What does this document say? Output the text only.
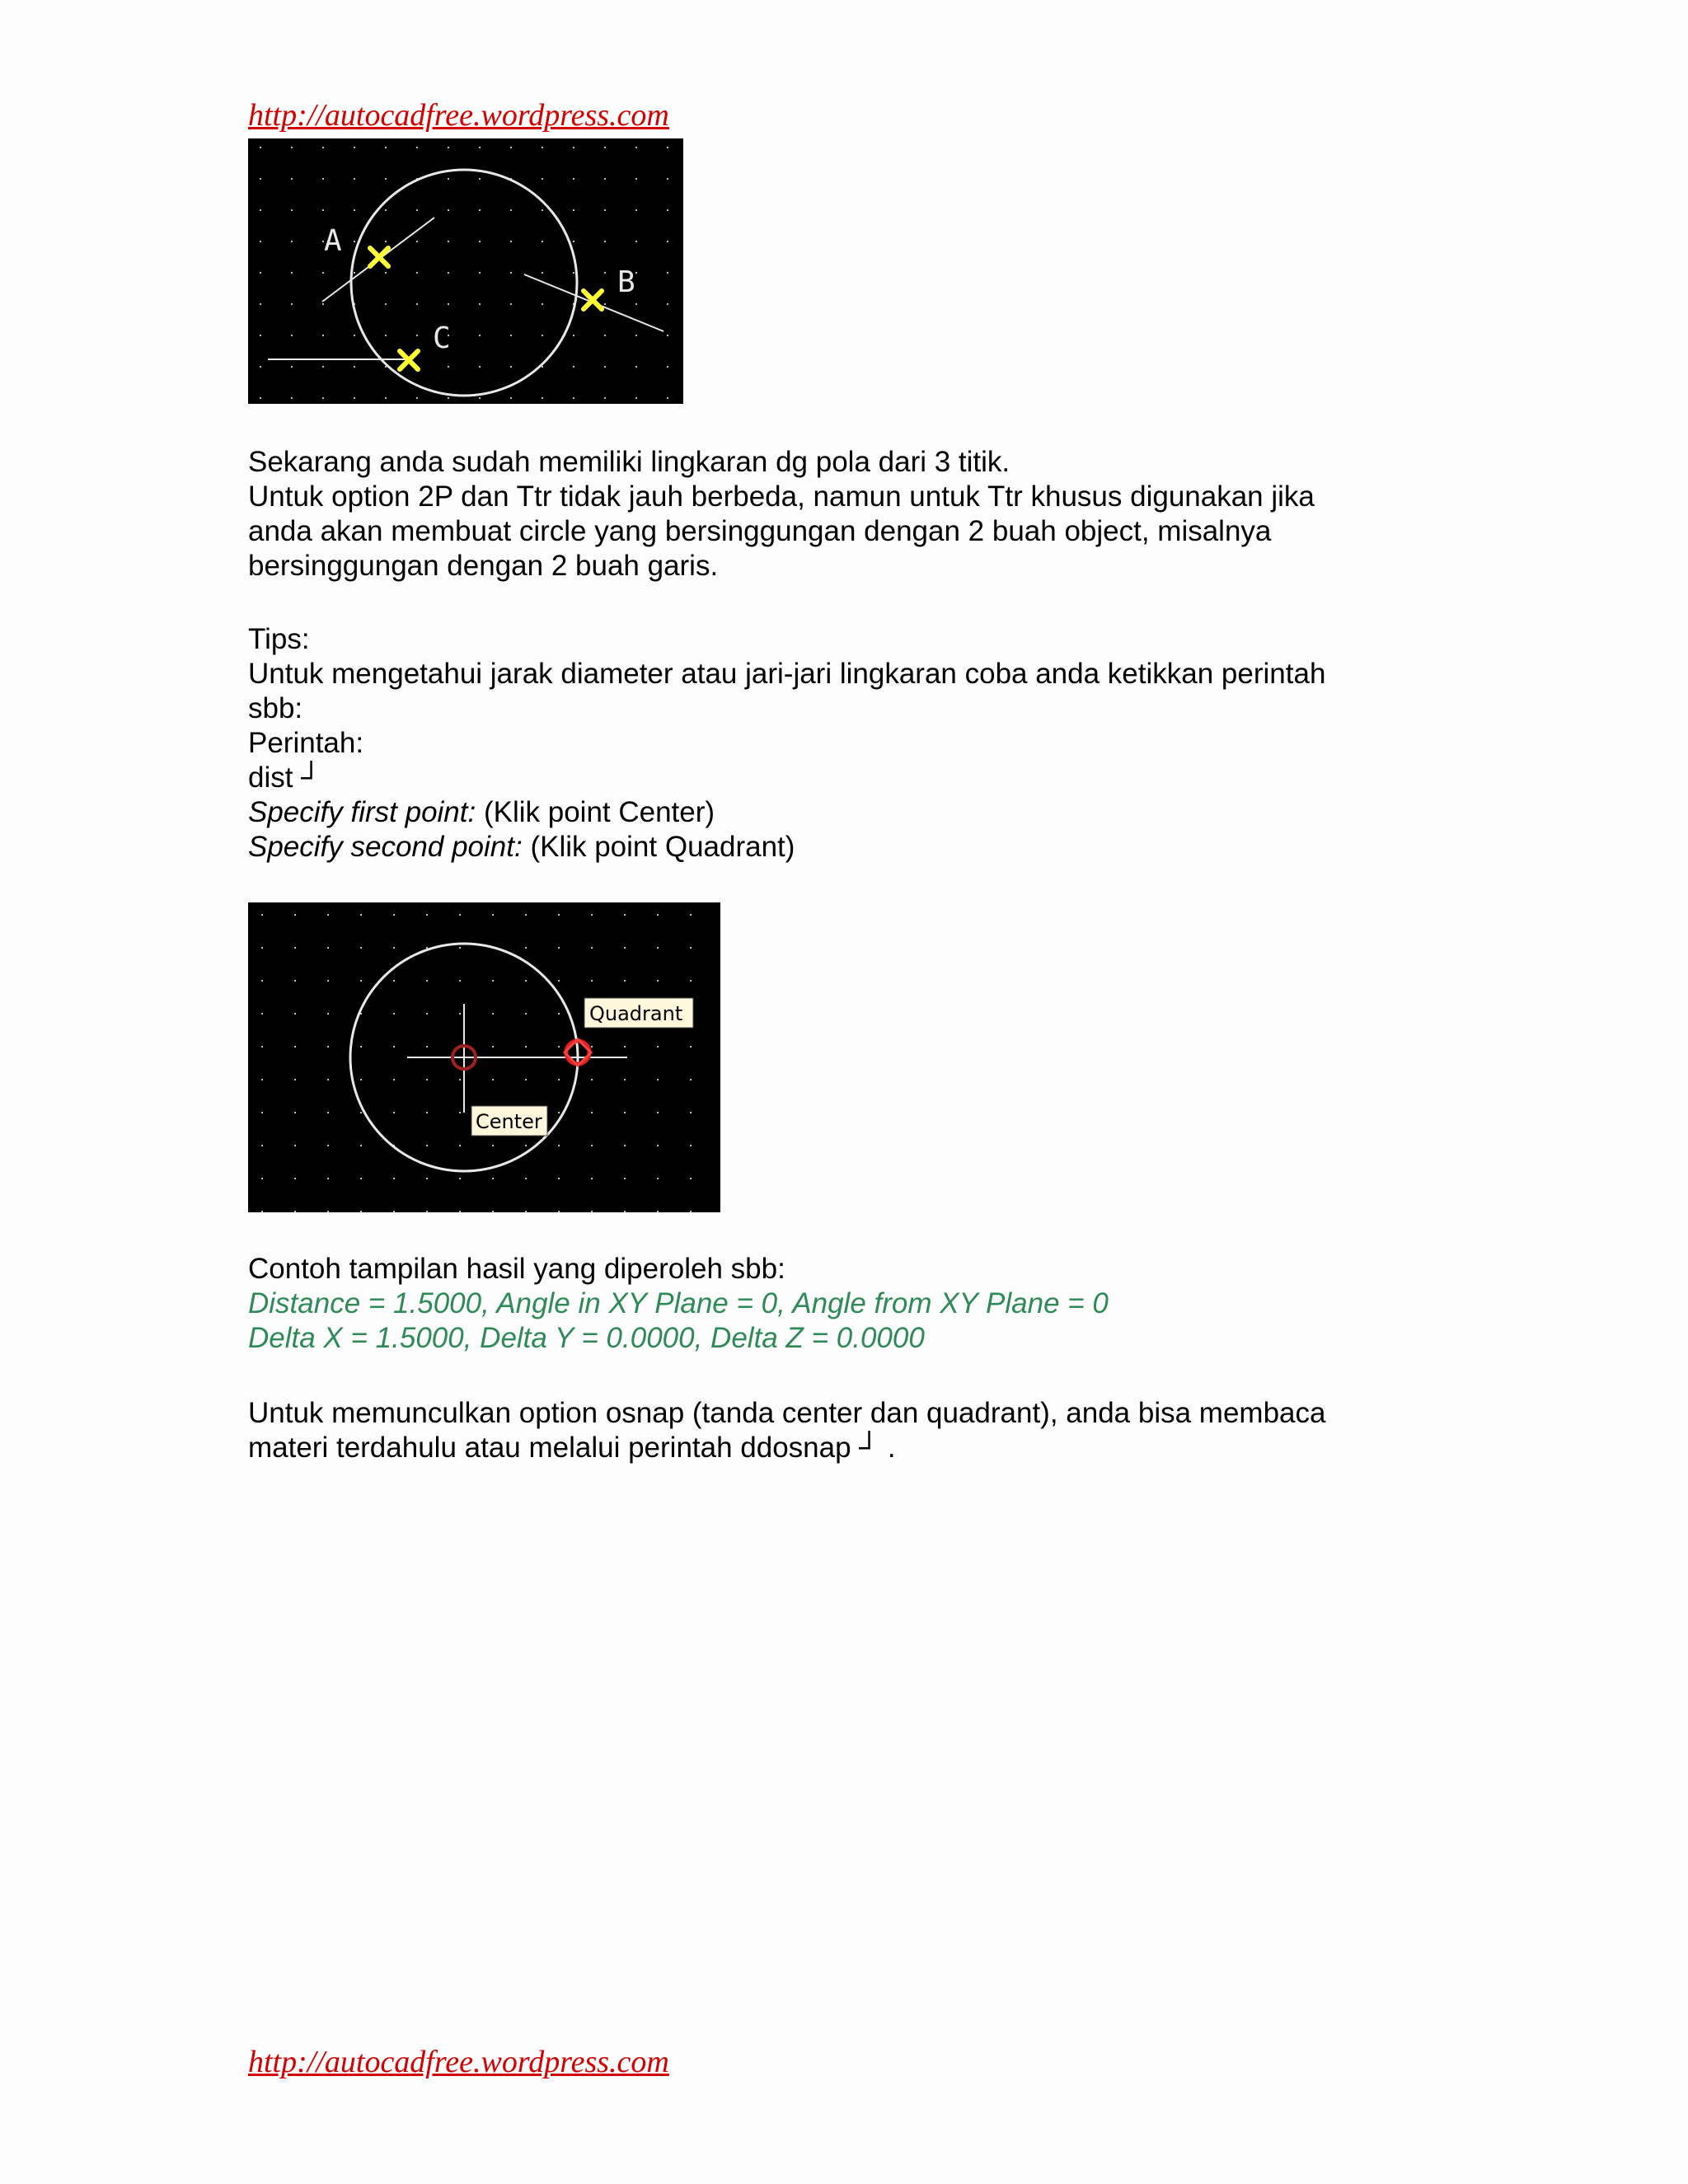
http://autocadfree.wordpress.com
A
B
C
Sekarang anda sudah memiliki lingkaran dg pola dari 3 titik.
Untuk option 2P dan Ttr tidak jauh berbeda, namun untuk Ttr khusus digunakan jika
anda akan membuat circle yang bersinggungan dengan 2 buah object, misalnya
bersinggungan dengan 2 buah garis.
Tips:
Untuk mengetahui jarak diameter atau jari-jari lingkaran coba anda ketikkan perintah
sbb:
Perintah:
dist ┘
Specify first point: (Klik point Center)
Specify second point: (Klik point Quadrant)
Quadrant
Center
Contoh tampilan hasil yang diperoleh sbb:
Distance = 1.5000, Angle in XY Plane = 0, Angle from XY Plane = 0
Delta X = 1.5000, Delta Y = 0.0000, Delta Z = 0.0000
Untuk memunculkan option osnap (tanda center dan quadrant), anda bisa membaca
materi terdahulu atau melalui perintah ddosnap ┘ .
http://autocadfree.wordpress.com
